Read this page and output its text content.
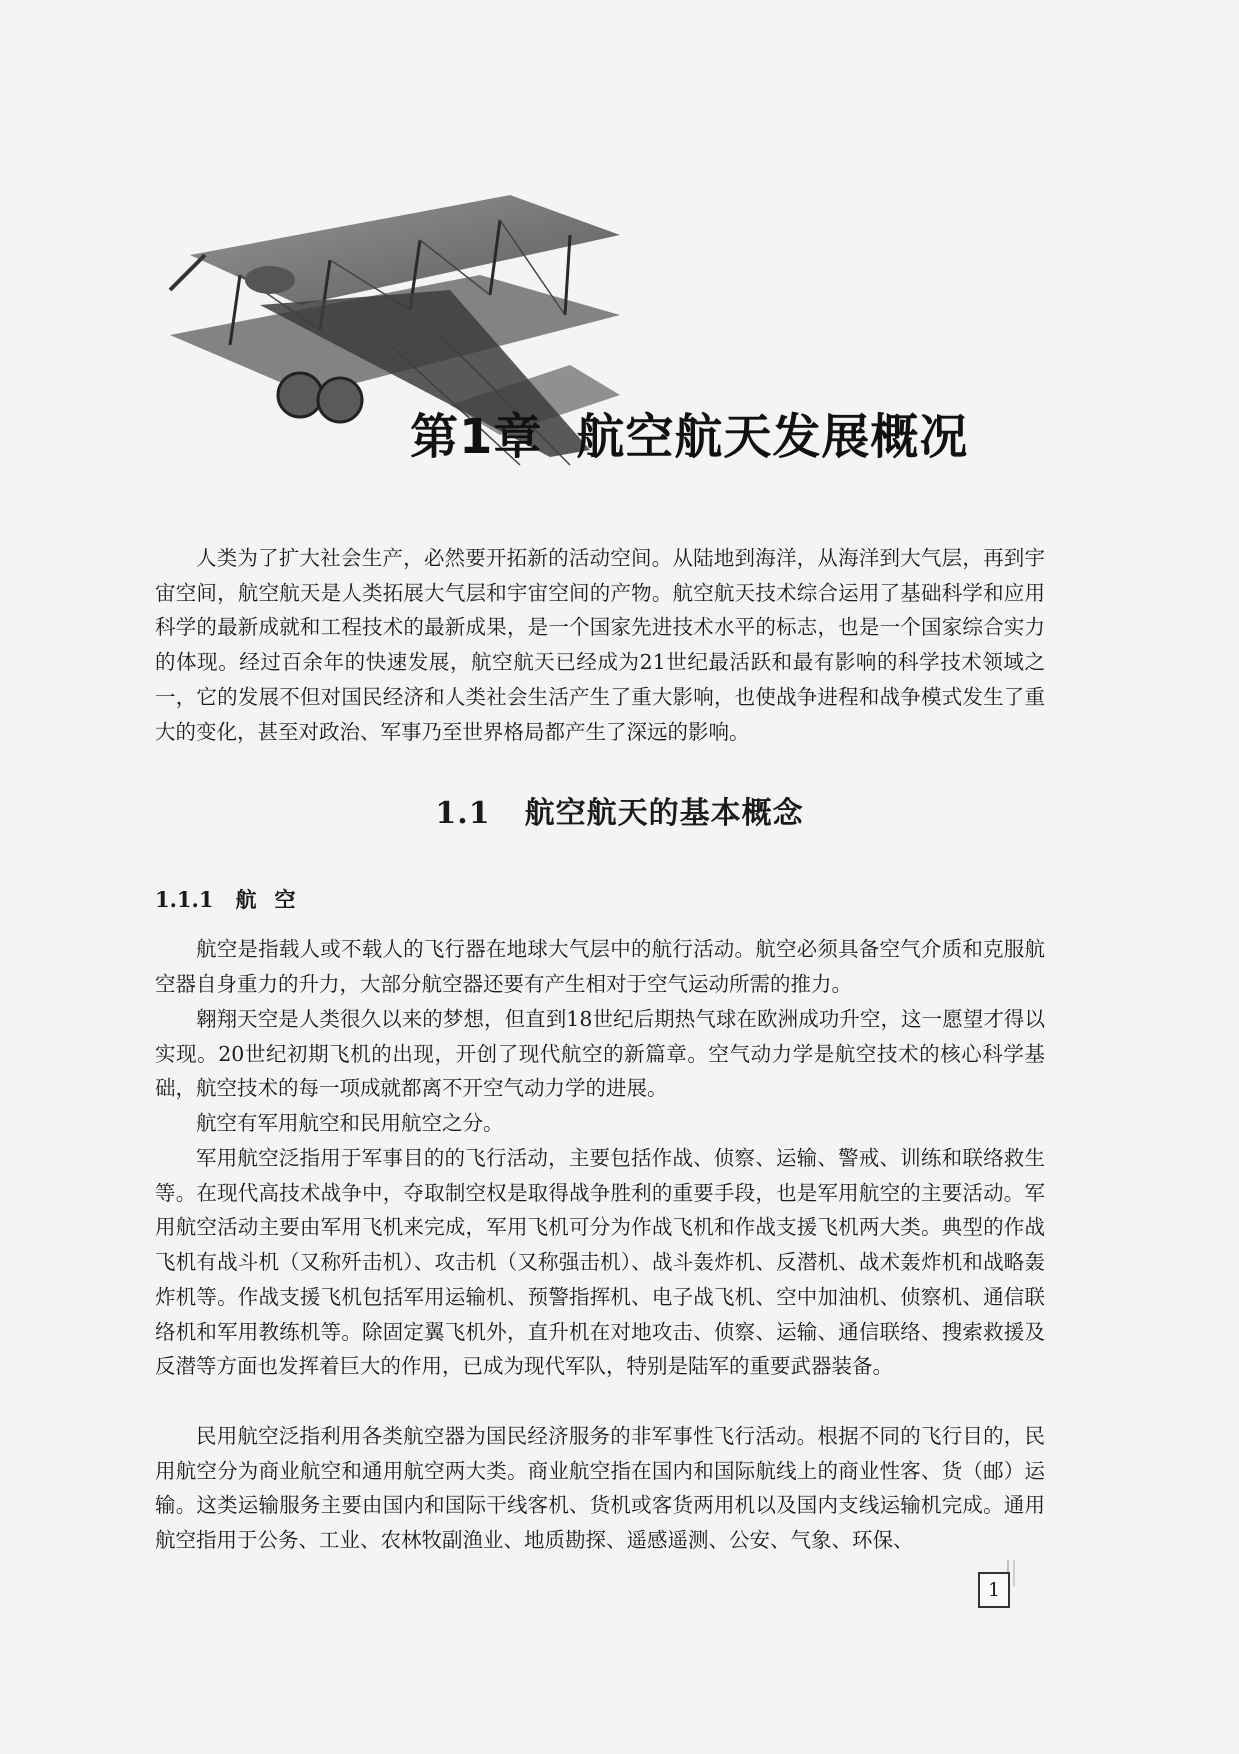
第1章 航空航天发展概况

人类为了扩大社会生产，必然要开拓新的活动空间。从陆地到海洋，从海洋到大气层，再到宇宙空间，航空航天是人类拓展大气层和宇宙空间的产物。航空航天技术综合运用了基础科学和应用科学的最新成就和工程技术的最新成果，是一个国家先进技术水平的标志，也是一个国家综合实力的体现。经过百余年的快速发展，航空航天已经成为21世纪最活跃和最有影响的科学技术领域之一，它的发展不但对国民经济和人类社会生活产生了重大影响，也使战争进程和战争模式发生了重大的变化，甚至对政治、军事乃至世界格局都产生了深远的影响。

1.1 航空航天的基本概念
1.1.1 航空

航空是指载人或不载人的飞行器在地球大气层中的航行活动。航空必须具备空气介质和克服航空器自身重力的升力，大部分航空器还要有产生相对于空气运动所需的推力。

翱翔天空是人类很久以来的梦想，但直到18世纪后期热气球在欧洲成功升空，这一愿望才得以实现。20世纪初期飞机的出现，开创了现代航空的新篇章。空气动力学是航空技术的核心科学基础，航空技术的每一项成就都离不开空气动力学的进展。

航空有军用航空和民用航空之分。

军用航空泛指用于军事目的的飞行活动，主要包括作战、侦察、运输、警戒、训练和联络救生等。在现代高技术战争中，夺取制空权是取得战争胜利的重要手段，也是军用航空的主要活动。军用航空活动主要由军用飞机来完成，军用飞机可分为作战飞机和作战支援飞机两大类。典型的作战飞机有战斗机（又称歼击机）、攻击机（又称强击机）、战斗轰炸机、反潜机、战术轰炸机和战略轰炸机等。作战支援飞机包括军用运输机、预警指挥机、电子战飞机、空中加油机、侦察机、通信联络机和军用教练机等。除固定翼飞机外，直升机在对地攻击、侦察、运输、通信联络、搜索救援及反潜等方面也发挥着巨大的作用，已成为现代军队，特别是陆军的重要武器装备。

民用航空泛指利用各类航空器为国民经济服务的非军事性飞行活动。根据不同的飞行目的，民用航空分为商业航空和通用航空两大类。商业航空指在国内和国际航线上的商业性客、货（邮）运输。这类运输服务主要由国内和国际干线客机、货机或客货两用机以及国内支线运输机完成。通用航空指用于公务、工业、农林牧副渔业、地质勘探、遥感遥测、公安、气象、环保、

1
